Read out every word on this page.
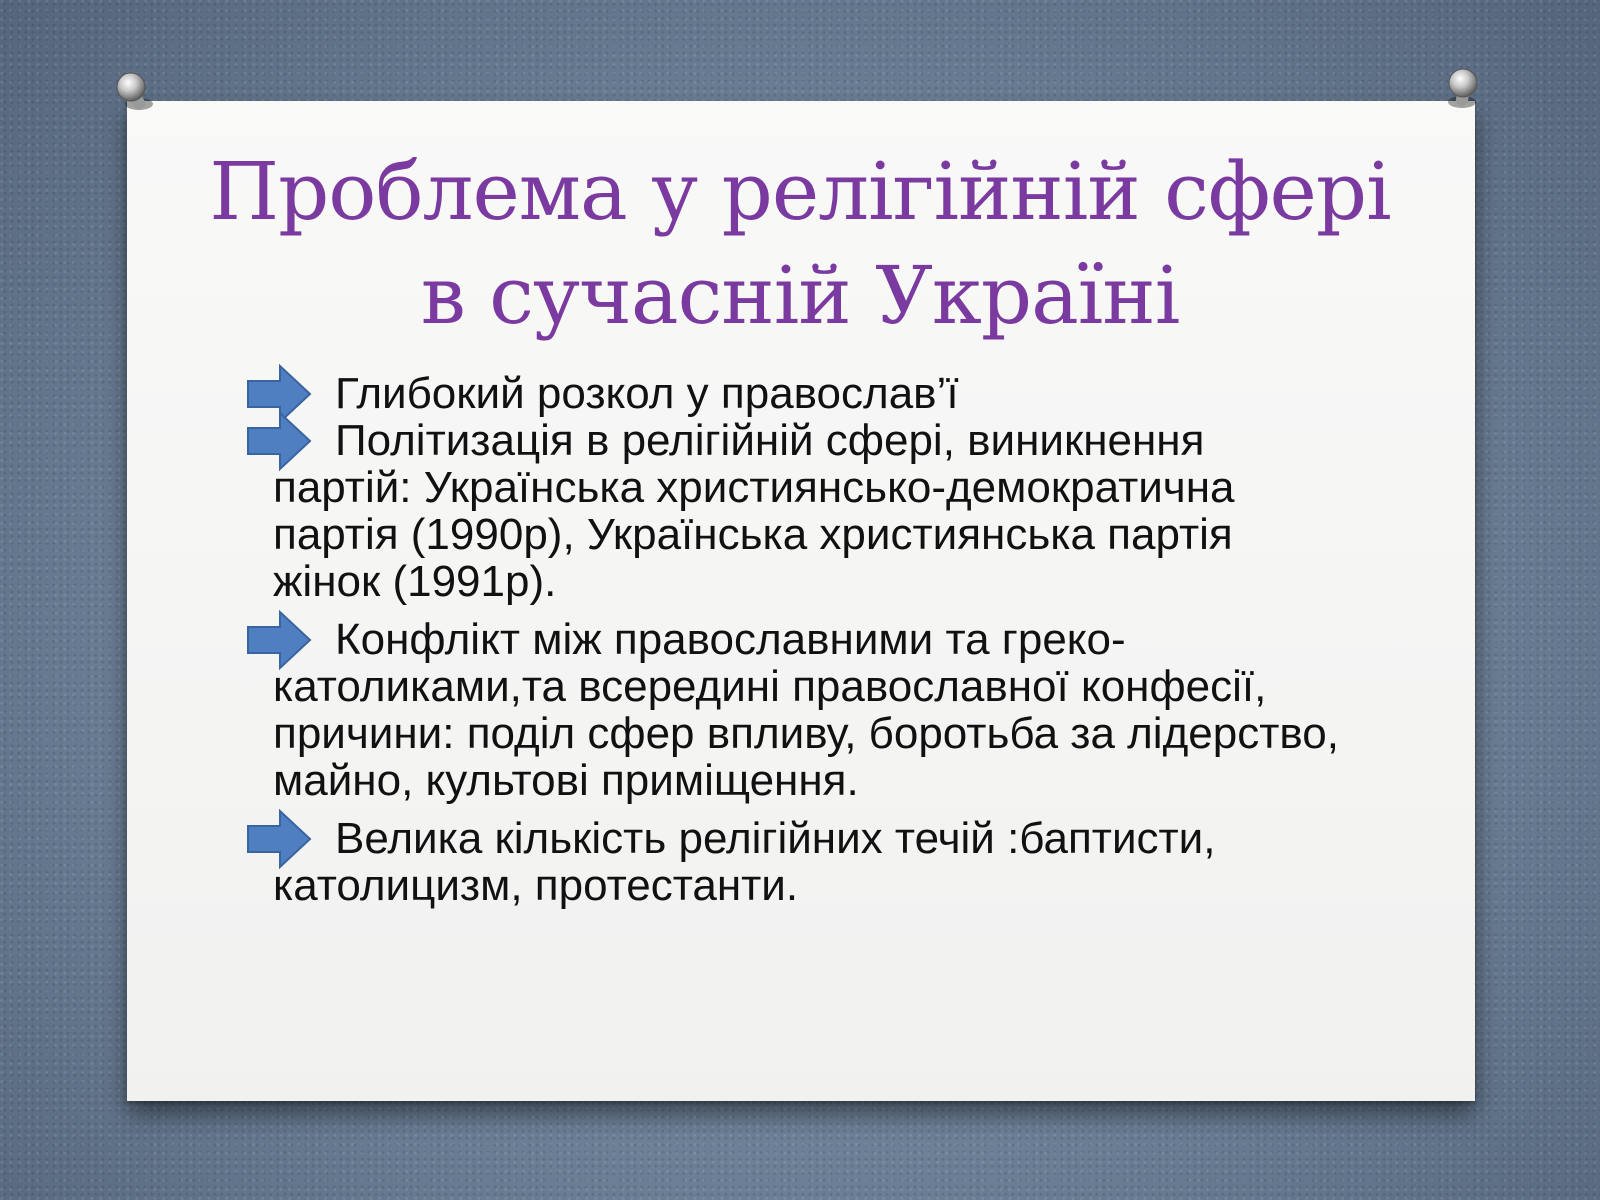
Проблема у релігійній сфері
в сучасній Україні
Глибокий розкол у православ’ї
Політизація в релігійній сфері, виникнення партій: Українська християнсько-демократична партія (1990р), Українська християнська партія жінок (1991р).
Конфлікт між православними та греко-католиками,та всередині православної конфесії, причини: поділ сфер впливу, боротьба за лідерство, майно, культові приміщення.
Велика кількість релігійних течій :баптисти, католицизм, протестанти.
